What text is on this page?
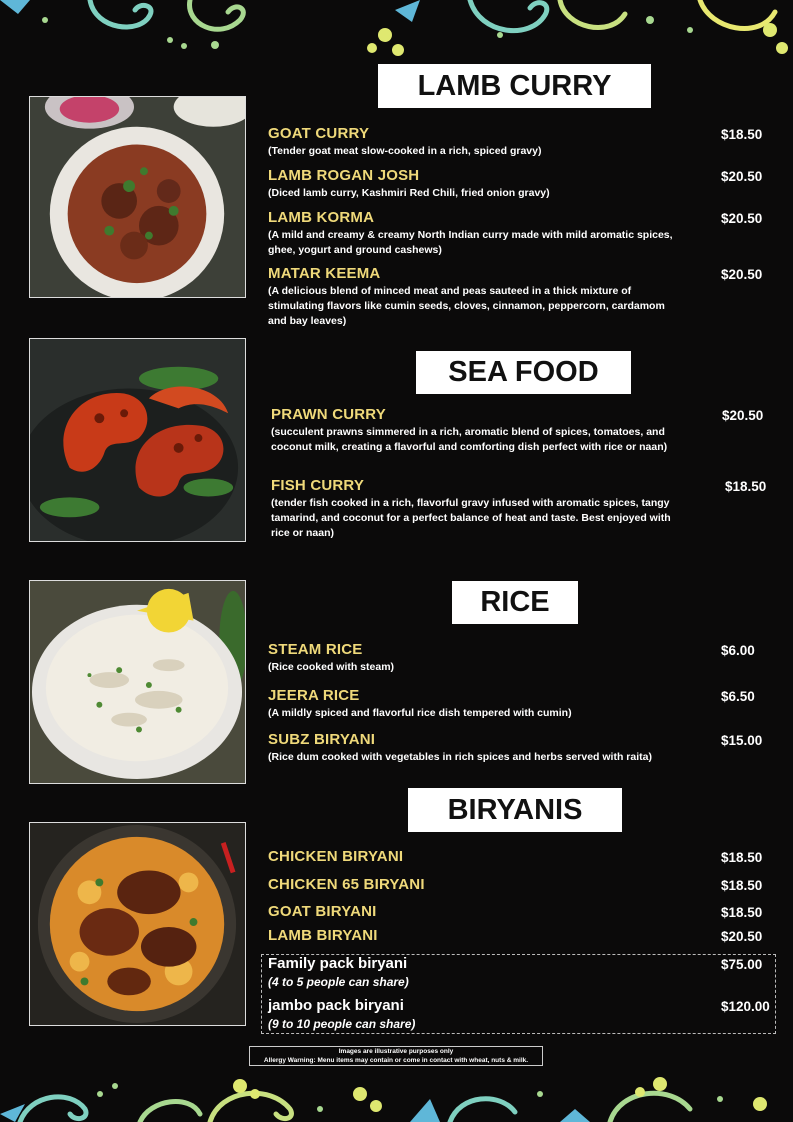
LAMB CURRY
GOAT CURRY
(Tender goat meat slow-cooked in a rich, spiced gravy)
$18.50
LAMB ROGAN JOSH
(Diced lamb curry, Kashmiri Red Chili, fried onion gravy)
$20.50
LAMB KORMA
(A mild and creamy & creamy North Indian curry made with mild aromatic spices, ghee, yogurt and ground cashews)
$20.50
MATAR KEEMA
(A delicious blend of minced meat and peas sauteed in a thick mixture of stimulating flavors like cumin seeds, cloves, cinnamon, peppercorn, cardamom and bay leaves)
$20.50
SEA FOOD
PRAWN CURRY
(succulent prawns simmered in a rich, aromatic blend of spices, tomatoes, and coconut milk, creating a flavorful and comforting dish perfect with rice or naan)
$20.50
FISH CURRY
(tender fish cooked in a rich, flavorful gravy infused with aromatic spices, tangy tamarind, and coconut for a perfect balance of heat and taste. Best enjoyed with rice or naan)
$18.50
RICE
STEAM RICE
(Rice cooked with steam)
$6.00
JEERA RICE
(A mildly spiced and flavorful rice dish tempered with cumin)
$6.50
SUBZ BIRYANI
(Rice dum cooked with vegetables in rich spices and herbs served with raita)
$15.00
BIRYANIS
CHICKEN BIRYANI	$18.50
CHICKEN 65 BIRYANI	$18.50
GOAT BIRYANI	$18.50
LAMB BIRYANI	$20.50
Family pack biryani
(4 to 5 people can share)
$75.00
jambo pack biryani
(9 to 10 people can share)
$120.00
Images are illustrative purposes only
Allergy Warning: Menu items may contain or come in contact with wheat, nuts & milk.
